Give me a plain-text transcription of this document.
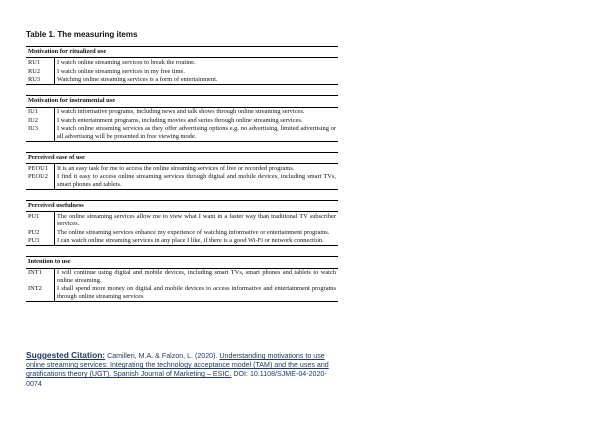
Table 1. The measuring items
Motivation for ritualized use	
RU1	I watch online streaming services to break the routine.
RU2	I watch online streaming services in my free time.
RU3	Watching online streaming services is a form of entertainment.
Motivation for instrumental use	
IU1	I watch informative programs, including news and talk shows through online streaming services.
IU2	I watch entertainment programs, including movies and series through online streaming services.
IU3	I watch online streaming services as they offer advertising options e.g. no advertising, limited advertising or all advertising will be presented in free viewing mode.
Perceived ease of use	
PEOU1	It is an easy task for me to access the online streaming services of live or recorded programs.
PEOU2	I find it easy to access online streaming services through digital and mobile devices, including smart TVs, smart phones and tablets.
Perceived usefulness	
PU1	The online streaming services allow me to view what I want in a faster way than traditional TV subscriber services.
PU2	The online streaming services enhance my experience of watching informative or entertainment programs.
PU3	I can watch online streaming services in any place I like, if there is a good Wi-Fi or network connection.
Intention to use	
INT1	I will continue using digital and mobile devices, including smart TVs, smart phones and tablets to watch online streaming.
INT2	I shall spend more money on digital and mobile devices to access informative and entertainment programs through online streaming services
Suggested Citation: Camilleri, M.A. & Falzon, L. (2020). Understanding motivations to use online streaming services: Integrating the technology acceptance model (TAM) and the uses and gratifications theory (UGT). Spanish Journal of Marketing – ESIC. DOI: 10.1108/SJME-04-2020-0074
